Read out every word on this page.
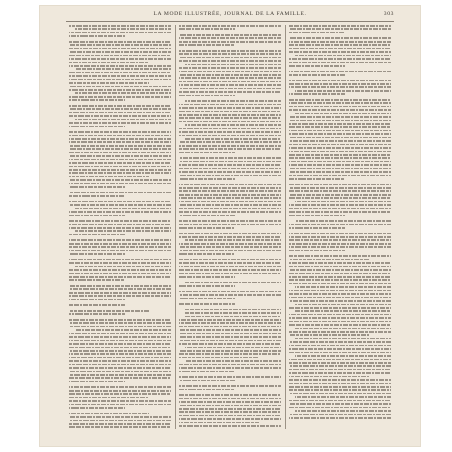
LA MODE ILLUSTRÉE, JOURNAL DE LA FAMILLE.	303
